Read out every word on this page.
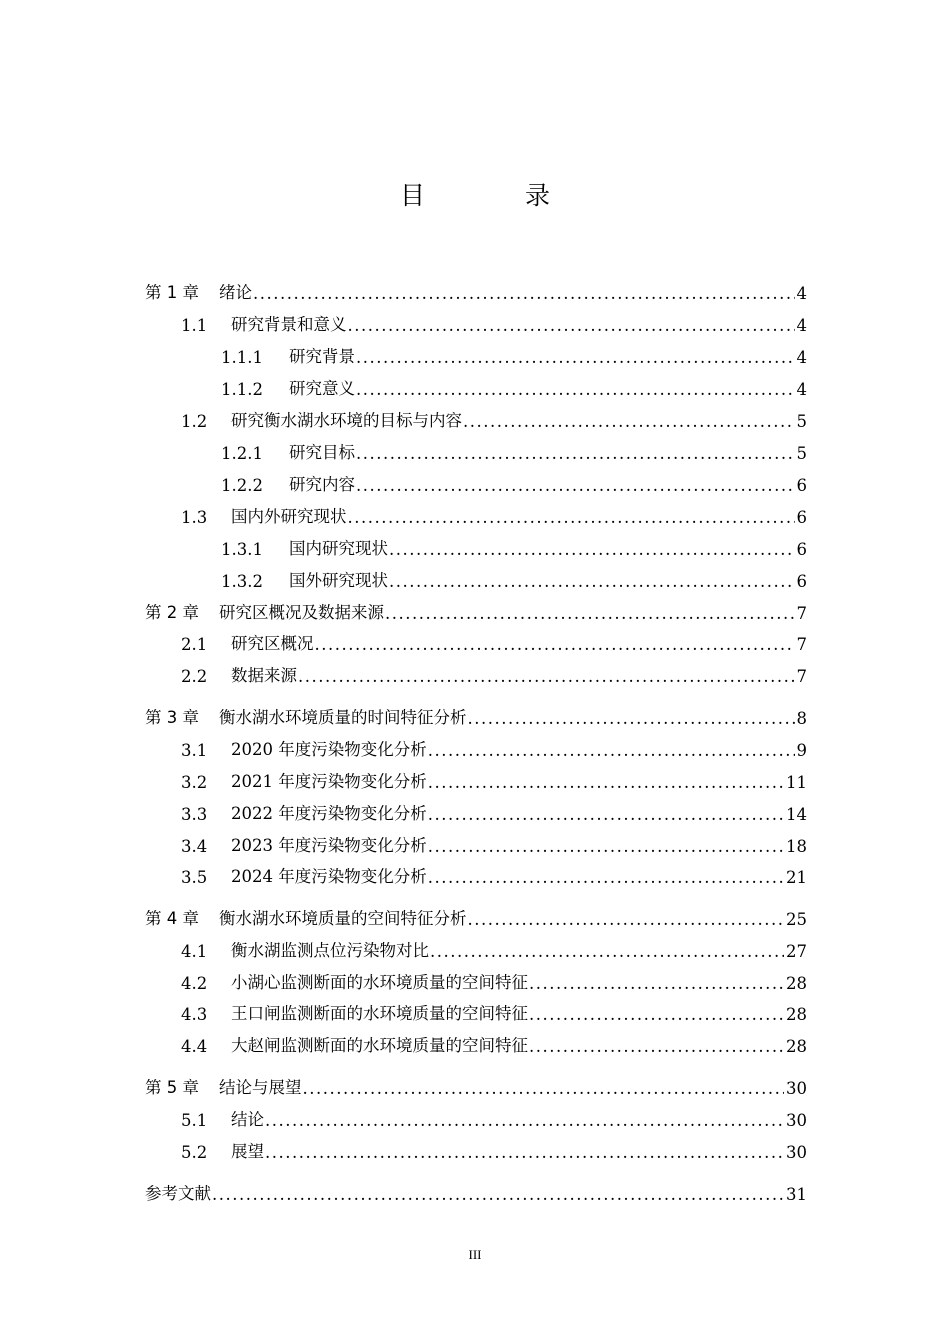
目 录
第 1 章	绪论 .....	4
1.1	研究背景和意义 .....	4
1.1.1	研究背景 .....	4
1.1.2	研究意义 .....	4
1.2	研究衡水湖水环境的目标与内容 .....	5
1.2.1	研究目标 .....	5
1.2.2	研究内容 .....	6
1.3	国内外研究现状 .....	6
1.3.1	国内研究现状 .....	6
1.3.2	国外研究现状 .....	6
第 2 章	研究区概况及数据来源 .....	7
2.1	研究区概况 .....	7
2.2	数据来源 .....	7
第 3 章	衡水湖水环境质量的时间特征分析 .....	8
3.1	2020 年度污染物变化分析 .....	9
3.2	2021 年度污染物变化分析 .....	11
3.3	2022 年度污染物变化分析 .....	14
3.4	2023 年度污染物变化分析 .....	18
3.5	2024 年度污染物变化分析 .....	21
第 4 章	衡水湖水环境质量的空间特征分析 .....	25
4.1	衡水湖监测点位污染物对比 .....	27
4.2	小湖心监测断面的水环境质量的空间特征 .....	28
4.3	王口闸监测断面的水环境质量的空间特征 .....	28
4.4	大赵闸监测断面的水环境质量的空间特征 .....	28
第 5 章	结论与展望 .....	30
5.1	结论 .....	30
5.2	展望 .....	30
参考文献 .....	31
III
